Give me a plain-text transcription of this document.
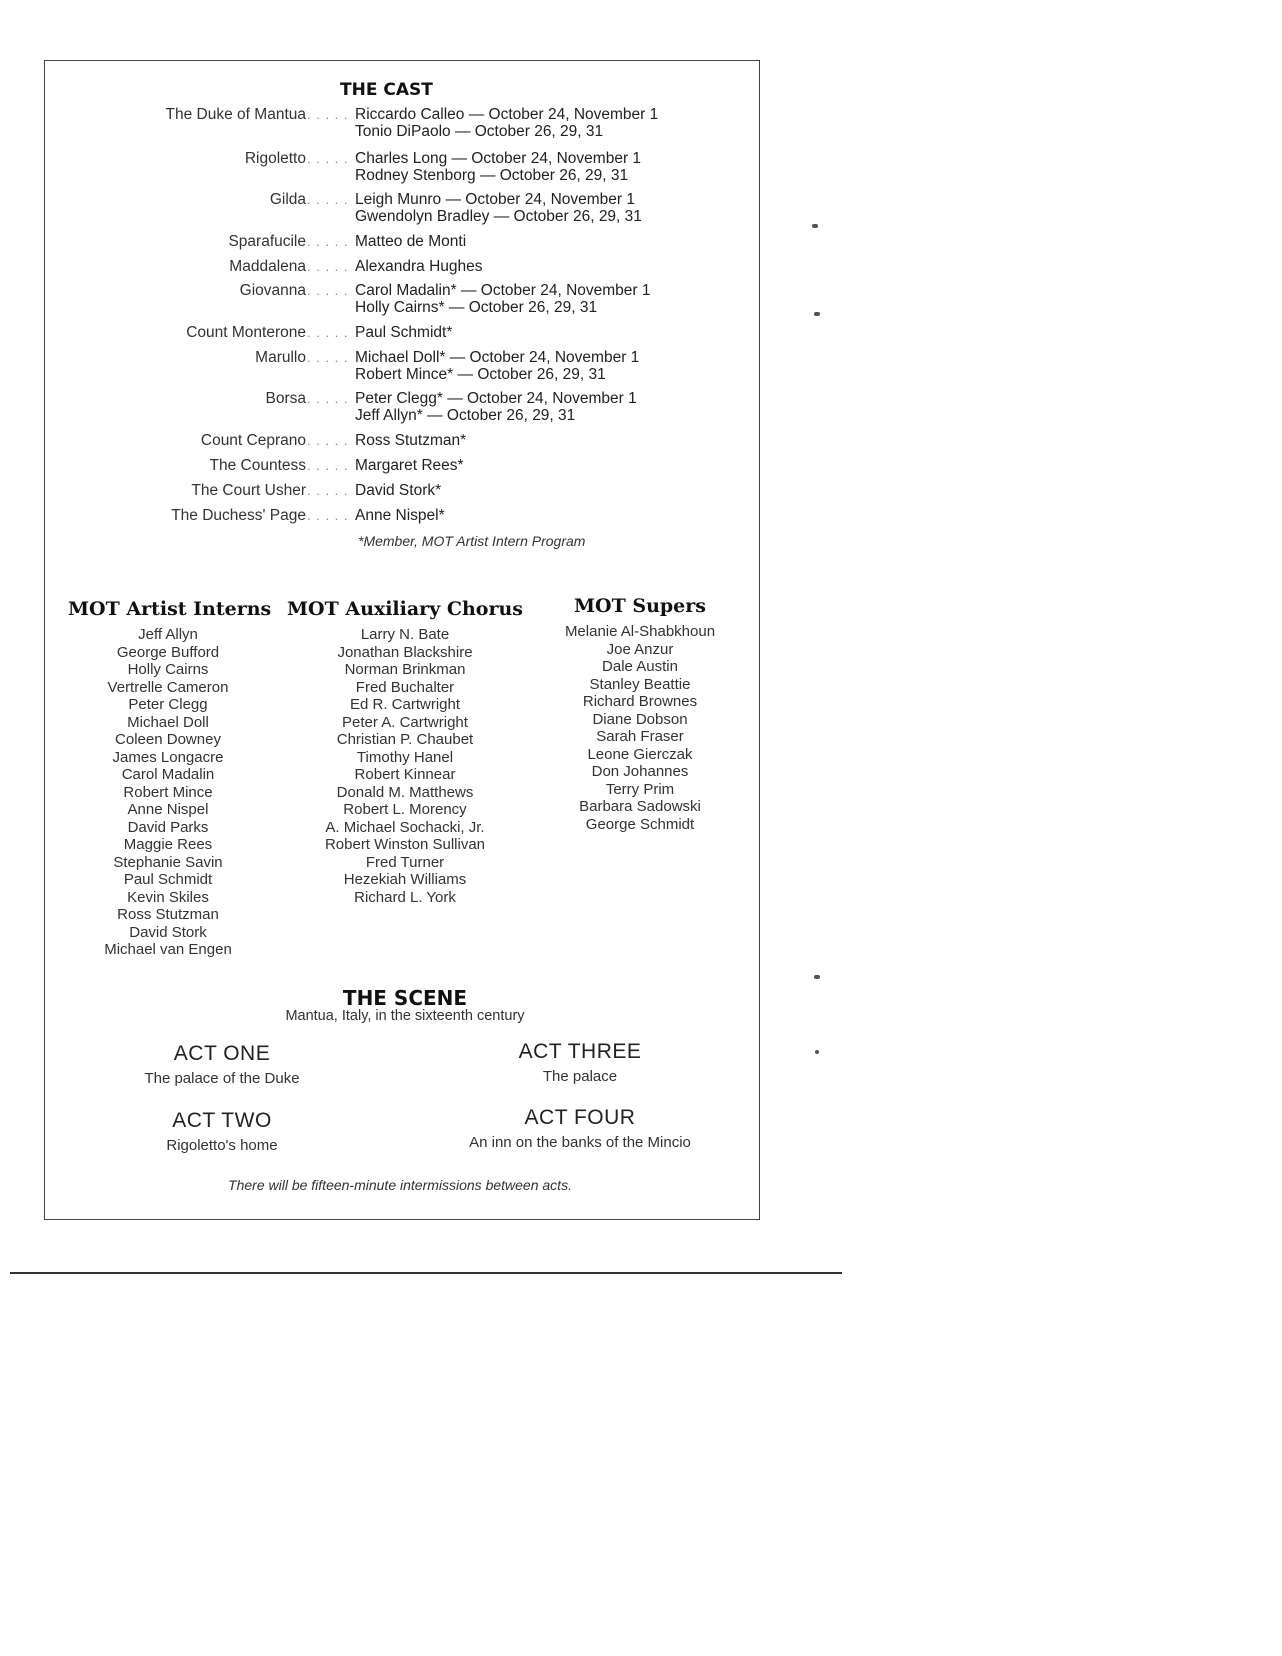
THE CAST
The Duke of Mantua . . . . . Riccardo Calleo — October 24, November 1
Tonio DiPaolo — October 26, 29, 31
Rigoletto . . . . . Charles Long — October 24, November 1
Rodney Stenborg — October 26, 29, 31
Gilda . . . . . Leigh Munro — October 24, November 1
Gwendolyn Bradley — October 26, 29, 31
Sparafucile . . . . . Matteo de Monti
Maddalena . . . . . Alexandra Hughes
Giovanna . . . . . Carol Madalin* — October 24, November 1
Holly Cairns* — October 26, 29, 31
Count Monterone . . . . . Paul Schmidt*
Marullo . . . . . Michael Doll* — October 24, November 1
Robert Mince* — October 26, 29, 31
Borsa . . . . . Peter Clegg* — October 24, November 1
Jeff Allyn* — October 26, 29, 31
Count Ceprano . . . . . Ross Stutzman*
The Countess . . . . . Margaret Rees*
The Court Usher . . . . . David Stork*
The Duchess' Page . . . . . Anne Nispel*
*Member, MOT Artist Intern Program
MOT Artist Interns
Jeff Allyn
George Bufford
Holly Cairns
Vertrelle Cameron
Peter Clegg
Michael Doll
Coleen Downey
James Longacre
Carol Madalin
Robert Mince
Anne Nispel
David Parks
Maggie Rees
Stephanie Savin
Paul Schmidt
Kevin Skiles
Ross Stutzman
David Stork
Michael van Engen
MOT Auxiliary Chorus
Larry N. Bate
Jonathan Blackshire
Norman Brinkman
Fred Buchalter
Ed R. Cartwright
Peter A. Cartwright
Christian P. Chaubet
Timothy Hanel
Robert Kinnear
Donald M. Matthews
Robert L. Morency
A. Michael Sochacki, Jr.
Robert Winston Sullivan
Fred Turner
Hezekiah Williams
Richard L. York
MOT Supers
Melanie Al-Shabkhoun
Joe Anzur
Dale Austin
Stanley Beattie
Richard Brownes
Diane Dobson
Sarah Fraser
Leone Gierczak
Don Johannes
Terry Prim
Barbara Sadowski
George Schmidt
THE SCENE
Mantua, Italy, in the sixteenth century
ACT ONE
The palace of the Duke
ACT TWO
Rigoletto's home
ACT THREE
The palace
ACT FOUR
An inn on the banks of the Mincio
There will be fifteen-minute intermissions between acts.
